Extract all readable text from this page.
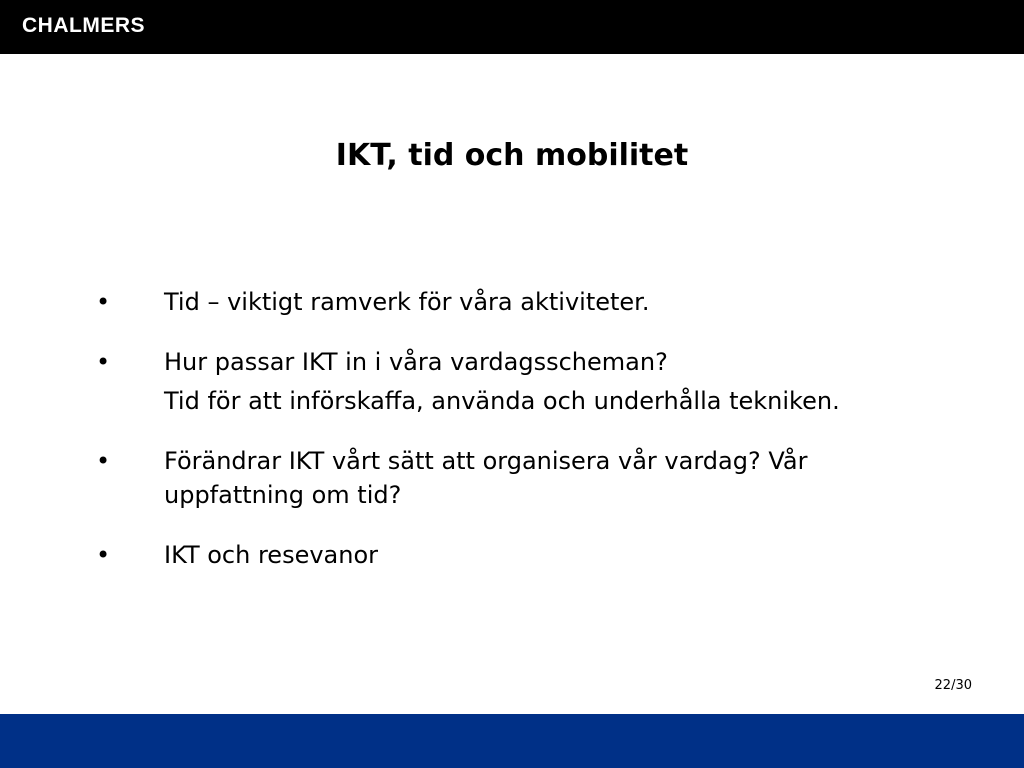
CHALMERS
IKT, tid och mobilitet
• Tid – viktigt ramverk för våra aktiviteter.
• Hur passar IKT in i våra vardagsscheman?
Tid för att införskaffa, använda och underhålla tekniken.
• Förändrar IKT vårt sätt att organisera vår vardag? Vår uppfattning om tid?
• IKT och resevanor
22/30
